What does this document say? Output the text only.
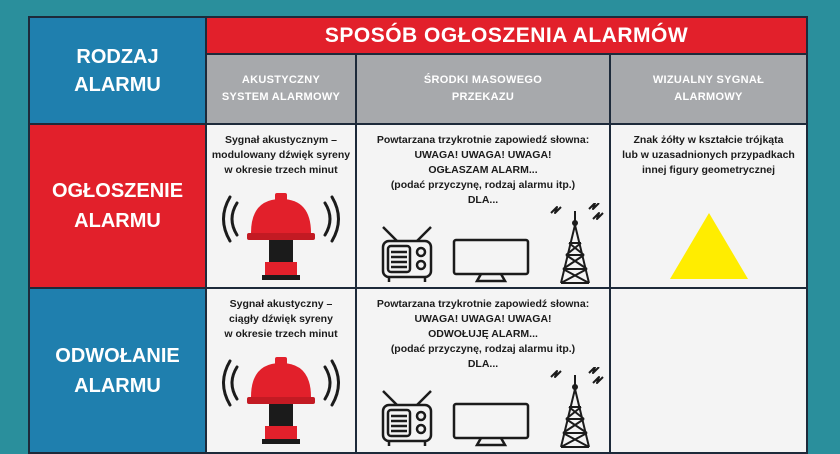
RODZAJ
ALARMU
SPOSÓB OGŁOSZENIA ALARMÓW
AKUSTYCZNY
SYSTEM ALARMOWY
ŚRODKI MASOWEGO
PRZEKAZU
WIZUALNY SYGNAŁ
ALARMOWY
OGŁOSZENIE
ALARMU
Sygnał akustycznym –
modulowany dźwięk syreny
w okresie trzech minut
Powtarzana trzykrotnie zapowiedź słowna:
UWAGA! UWAGA! UWAGA!
OGŁASZAM ALARM...
(podać przyczynę, rodzaj alarmu itp.)
DLA...
Znak żółty w kształcie trójkąta
lub w uzasadnionych przypadkach
innej figury geometrycznej
ODWOŁANIE
ALARMU
Sygnał akustyczny –
ciągły dźwięk syreny
w okresie trzech minut
Powtarzana trzykrotnie zapowiedź słowna:
UWAGA! UWAGA! UWAGA!
ODWOŁUJĘ ALARM...
(podać przyczynę, rodzaj alarmu itp.)
DLA...
